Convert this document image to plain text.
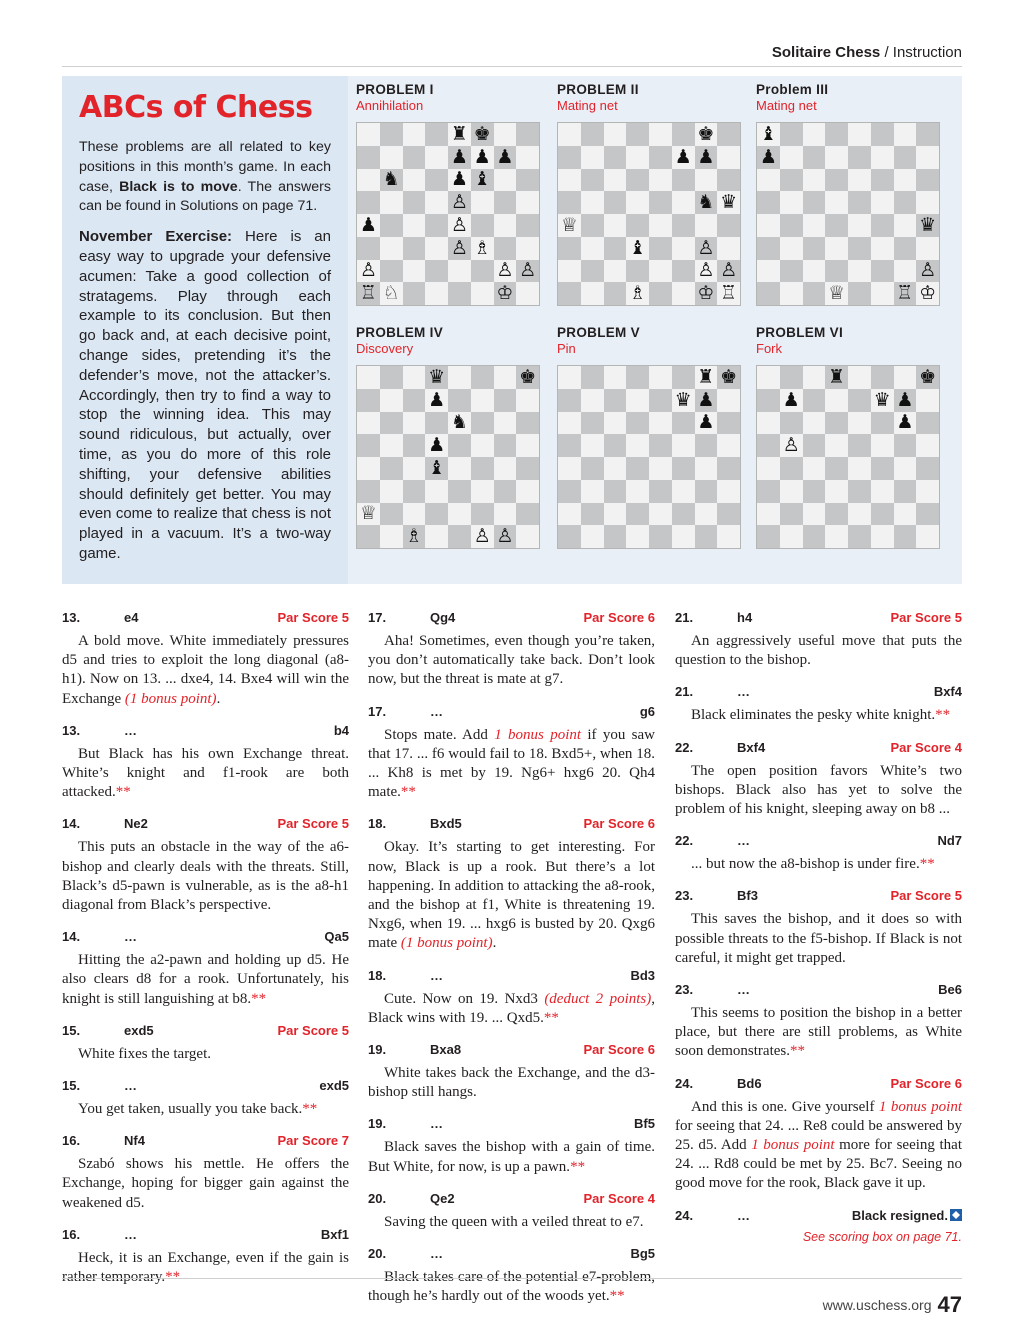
Solitaire Chess / Instruction
ABCs of Chess

These problems are all related to key positions in this month’s game. In each case, Black is to move. The answers can be found in Solutions on page 71.

November Exercise: Here is an easy way to upgrade your defensive acumen: Take a good collection of stratagems. Play through each example to its conclusion. But then go back and, at each decisive point, change sides, pretending it’s the defender’s move, not the attacker’s. Accordingly, then try to find a way to stop the winning idea. This may sound ridiculous, but actually, over time, as you do more of this role shifting, your defensive abilities should definitely get better. You may even come to realize that chess is not played in a vacuum. It’s a two-way game.

PROBLEM I
Annihilation
♜ ♚
♟ ♟ ♟
♞	♟ ♝
♙
♟	♙
♙ ♗
♙	♙ ♙
♖ ♘	♔
PROBLEM II
Mating net
♚
♟ ♟
♞ ♛
♕
♝	♙
♙ ♙
♗	♔ ♖
Problem III
Mating net
♝
♟
♛
♙
♕	♖ ♔
PROBLEM IV
Discovery
♛	♚
♟
♞
♟
♝
♕
♗	♙ ♙
PROBLEM V
Pin
♜ ♚
♛ ♟
♟
PROBLEM VI
Fork
♜	♚
♟	♛ ♟
♟
♙
13.	e4	Par Score 5

A bold move. White immediately pressures d5 and tries to exploit the long diagonal (a8-h1). Now on 13. ... dxe4, 14. Bxe4 will win the Exchange (1 bonus point).

13.	…	b4

But Black has his own Exchange threat. White’s knight and f1-rook are both attacked.**

14.	Ne2	Par Score 5

This puts an obstacle in the way of the a6-bishop and clearly deals with the threats. Still, Black’s d5-pawn is vulnerable, as is the a8-h1 diagonal from Black’s perspective.

14.	…	Qa5

Hitting the a2-pawn and holding up d5. He also clears d8 for a rook. Unfortunately, his knight is still languishing at b8.**

15.	exd5	Par Score 5

White fixes the target.

15.	…	exd5

You get taken, usually you take back.**

16.	Nf4	Par Score 7

Szabó shows his mettle. He offers the Exchange, hoping for bigger gain against the weakened d5.

16.	…	Bxf1

Heck, it is an Exchange, even if the gain is rather temporary.**

17.	Qg4	Par Score 6

Aha! Sometimes, even though you’re taken, you don’t automatically take back. Don’t look now, but the threat is mate at g7.

17.	…	g6

Stops mate. Add 1 bonus point if you saw that 17. ... f6 would fail to 18. Bxd5+, when 18. ... Kh8 is met by 19. Ng6+ hxg6 20. Qh4 mate.**

18.	Bxd5	Par Score 6

Okay. It’s starting to get interesting. For now, Black is up a rook. But there’s a lot happening. In addition to attacking the a8-rook, and the bishop at f1, White is threatening 19. Nxg6, when 19. ... hxg6 is busted by 20. Qxg6 mate (1 bonus point).

18.	…	Bd3

Cute. Now on 19. Nxd3 (deduct 2 points), Black wins with 19. ... Qxd5.**

19.	Bxa8	Par Score 6

White takes back the Exchange, and the d3-bishop still hangs.

19.	…	Bf5

Black saves the bishop with a gain of time. But White, for now, is up a pawn.**

20.	Qe2	Par Score 4

Saving the queen with a veiled threat to e7.

20.	…	Bg5

Black takes care of the potential e7-problem, though he’s hardly out of the woods yet.**

21.	h4	Par Score 5

An aggressively useful move that puts the question to the bishop.

21.	…	Bxf4

Black eliminates the pesky white knight.**

22.	Bxf4	Par Score 4

The open position favors White’s two bishops. Black also has yet to solve the problem of his knight, sleeping away on b8 ...

22.	…	Nd7

... but now the a8-bishop is under fire.**

23.	Bf3	Par Score 5

This saves the bishop, and it does so with possible threats to the f5-bishop. If Black is not careful, it might get trapped.

23.	…	Be6

This seems to position the bishop in a better place, but there are still problems, as White soon demonstrates.**

24.	Bd6	Par Score 6

And this is one. Give yourself 1 bonus point for seeing that 24. ... Re8 could be answered by 25. d5. Add 1 bonus point more for seeing that 24. ... Rd8 could be met by 25. Bc7. Seeing no good move for the rook, Black gave it up.

24.	…	Black resigned.
See scoring box on page 71.
www.uschess.org 47
